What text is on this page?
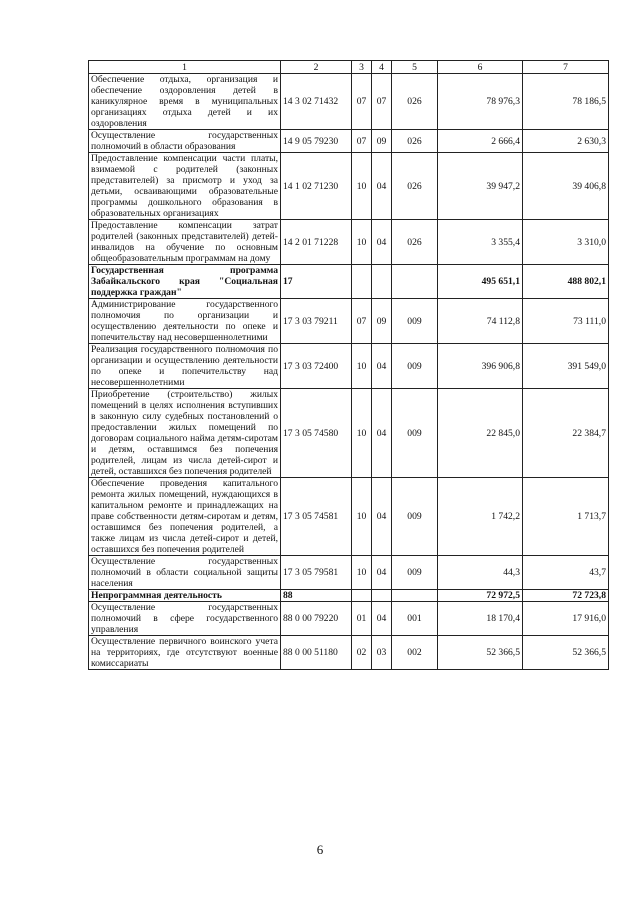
1	2	3	4	5	6	7
Обеспечение отдыха, организация и обеспечение оздоровления детей в каникулярное время в муниципальных организациях отдыха детей и их оздоровления	14 3 02 71432	07	07	026	78 976,3	78 186,5
Осуществление государственных полномочий в области образования	14 9 05 79230	07	09	026	2 666,4	2 630,3
Предоставление компенсации части платы, взимаемой с родителей (законных представителей) за присмотр и уход за детьми, осваивающими образовательные программы дошкольного образования в образовательных организациях	14 1 02 71230	10	04	026	39 947,2	39 406,8
Предоставление компенсации затрат родителей (законных представителей) детей-инвалидов на обучение по основным общеобразовательным программам на дому	14 2 01 71228	10	04	026	3 355,4	3 310,0
Государственная программа Забайкальского края "Социальная поддержка граждан"	17				495 651,1	488 802,1
Администрирование государственного полномочия по организации и осуществлению деятельности по опеке и попечительству над несовершеннолетними	17 3 03 79211	07	09	009	74 112,8	73 111,0
Реализация государственного полномочия по организации и осуществлению деятельности по опеке и попечительству над несовершеннолетними	17 3 03 72400	10	04	009	396 906,8	391 549,0
Приобретение (строительство) жилых помещений в целях исполнения вступивших в законную силу судебных постановлений о предоставлении жилых помещений по договорам социального найма детям-сиротам и детям, оставшимся без попечения родителей, лицам из числа детей-сирот и детей, оставшихся без попечения родителей	17 3 05 74580	10	04	009	22 845,0	22 384,7
Обеспечение проведения капитального ремонта жилых помещений, нуждающихся в капитальном ремонте и принадлежащих на праве собственности детям-сиротам и детям, оставшимся без попечения родителей, а также лицам из числа детей-сирот и детей, оставшихся без попечения родителей	17 3 05 74581	10	04	009	1 742,2	1 713,7
Осуществление государственных полномочий в области социальной защиты населения	17 3 05 79581	10	04	009	44,3	43,7
Непрограммная деятельность	88				72 972,5	72 723,8
Осуществление государственных полномочий в сфере государственного управления	88 0 00 79220	01	04	001	18 170,4	17 916,0
Осуществление первичного воинского учета на территориях, где отсутствуют военные комиссариаты	88 0 00 51180	02	03	002	52 366,5	52 366,5
6
